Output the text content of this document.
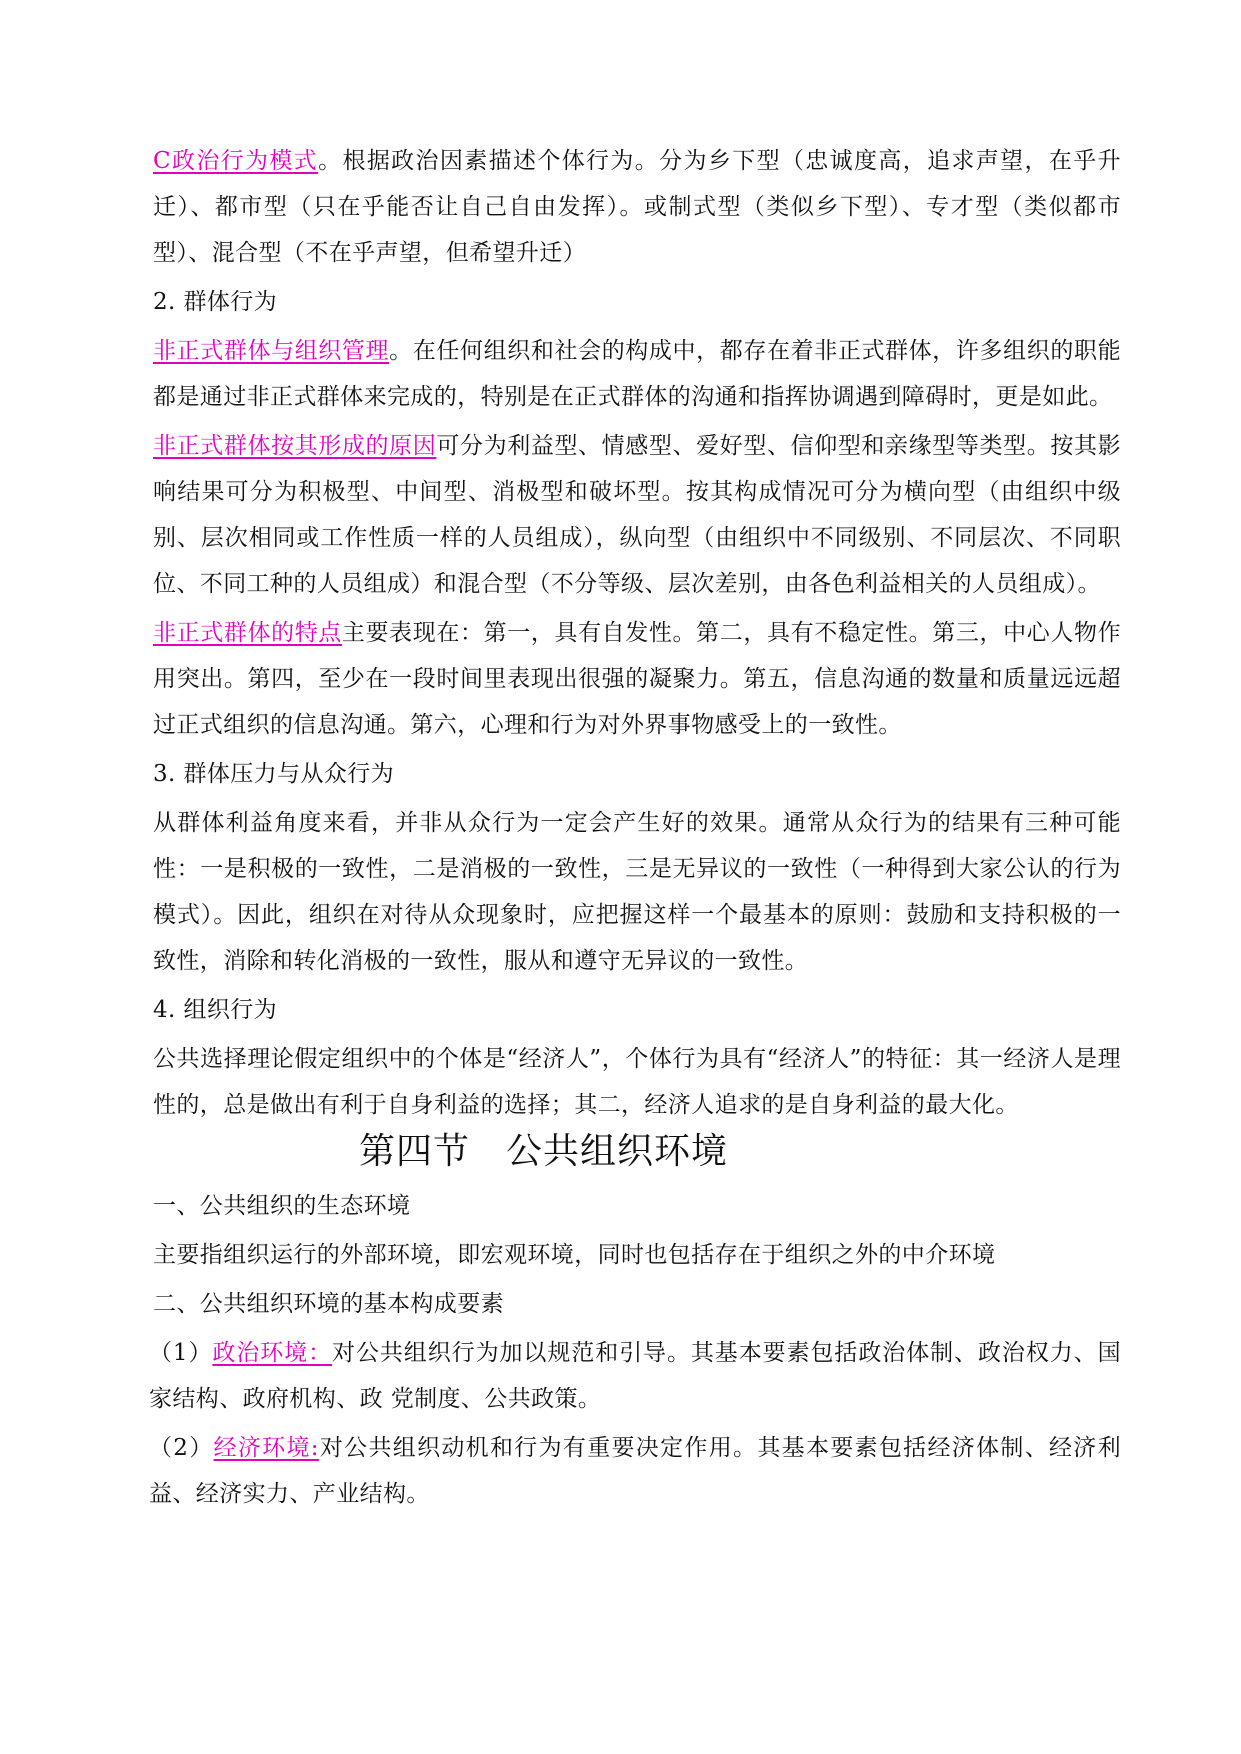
C政治行为模式。根据政治因素描述个体行为。分为乡下型（忠诚度高，追求声望，在乎升迁）、都市型（只在乎能否让自己自由发挥）。或制式型（类似乡下型）、专才型（类似都市型）、混合型（不在乎声望，但希望升迁）

2. 群体行为

非正式群体与组织管理。在任何组织和社会的构成中，都存在着非正式群体，许多组织的职能都是通过非正式群体来完成的，特别是在正式群体的沟通和指挥协调遇到障碍时，更是如此。

非正式群体按其形成的原因可分为利益型、情感型、爱好型、信仰型和亲缘型等类型。按其影响结果可分为积极型、中间型、消极型和破坏型。按其构成情况可分为横向型（由组织中级别、层次相同或工作性质一样的人员组成），纵向型（由组织中不同级别、不同层次、不同职位、不同工种的人员组成）和混合型（不分等级、层次差别，由各色利益相关的人员组成）。

非正式群体的特点主要表现在：第一，具有自发性。第二，具有不稳定性。第三，中心人物作用突出。第四，至少在一段时间里表现出很强的凝聚力。第五，信息沟通的数量和质量远远超过正式组织的信息沟通。第六，心理和行为对外界事物感受上的一致性。

3. 群体压力与从众行为

从群体利益角度来看，并非从众行为一定会产生好的效果。通常从众行为的结果有三种可能性：一是积极的一致性，二是消极的一致性，三是无异议的一致性（一种得到大家公认的行为模式）。因此，组织在对待从众现象时，应把握这样一个最基本的原则：鼓励和支持积极的一致性，消除和转化消极的一致性，服从和遵守无异议的一致性。

4. 组织行为

公共选择理论假定组织中的个体是“经济人”，个体行为具有“经济人”的特征：其一经济人是理性的，总是做出有利于自身利益的选择；其二，经济人追求的是自身利益的最大化。

第四节 公共组织环境

一、公共组织的生态环境

主要指组织运行的外部环境，即宏观环境，同时也包括存在于组织之外的中介环境

二、公共组织环境的基本构成要素

（1）政治环境：对公共组织行为加以规范和引导。其基本要素包括政治体制、政治权力、国家结构、政府机构、政 党制度、公共政策。

（2）经济环境:对公共组织动机和行为有重要决定作用。其基本要素包括经济体制、经济利益、经济实力、产业结构。
